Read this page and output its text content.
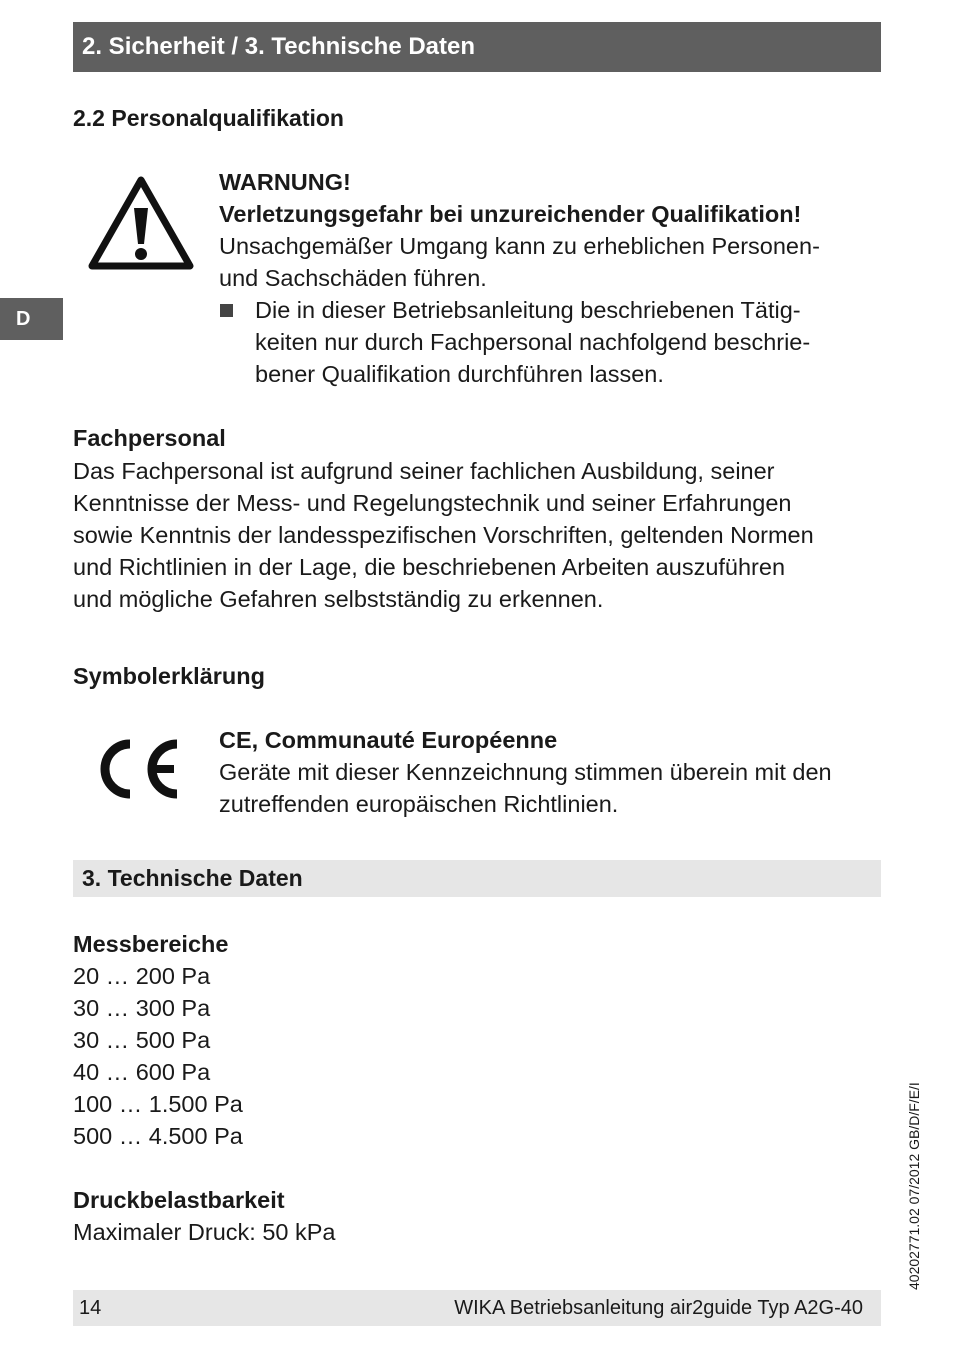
2. Sicherheit / 3. Technische Daten
D
2.2 Personalqualifikation
WARNUNG!
Verletzungsgefahr bei unzureichender Qualifikation!
Unsachgemäßer Umgang kann zu erheblichen Personen-
und Sachschäden führen.
Die in dieser Betriebsanleitung beschriebenen Tätig-
keiten nur durch Fachpersonal nachfolgend beschrie-
bener Qualifikation durchführen lassen.
Fachpersonal
Das Fachpersonal ist aufgrund seiner fachlichen Ausbildung, seiner
Kenntnisse der Mess- und Regelungstechnik und seiner Erfahrungen
sowie Kenntnis der landesspezifischen Vorschriften, geltenden Normen
und Richtlinien in der Lage, die beschriebenen Arbeiten auszuführen
und mögliche Gefahren selbstständig zu erkennen.
Symbolerklärung
CE, Communauté Européenne
Geräte mit dieser Kennzeichnung stimmen überein mit den
zutreffenden europäischen Richtlinien.
3. Technische Daten
Messbereiche
20 … 200 Pa
30 … 300 Pa
30 … 500 Pa
40 … 600 Pa
100 … 1.500 Pa
500 … 4.500 Pa
Druckbelastbarkeit
Maximaler Druck: 50 kPa	40202771.02 07/2012 GB/D/F/E/I
14	WIKA Betriebsanleitung air2guide Typ A2G-40
